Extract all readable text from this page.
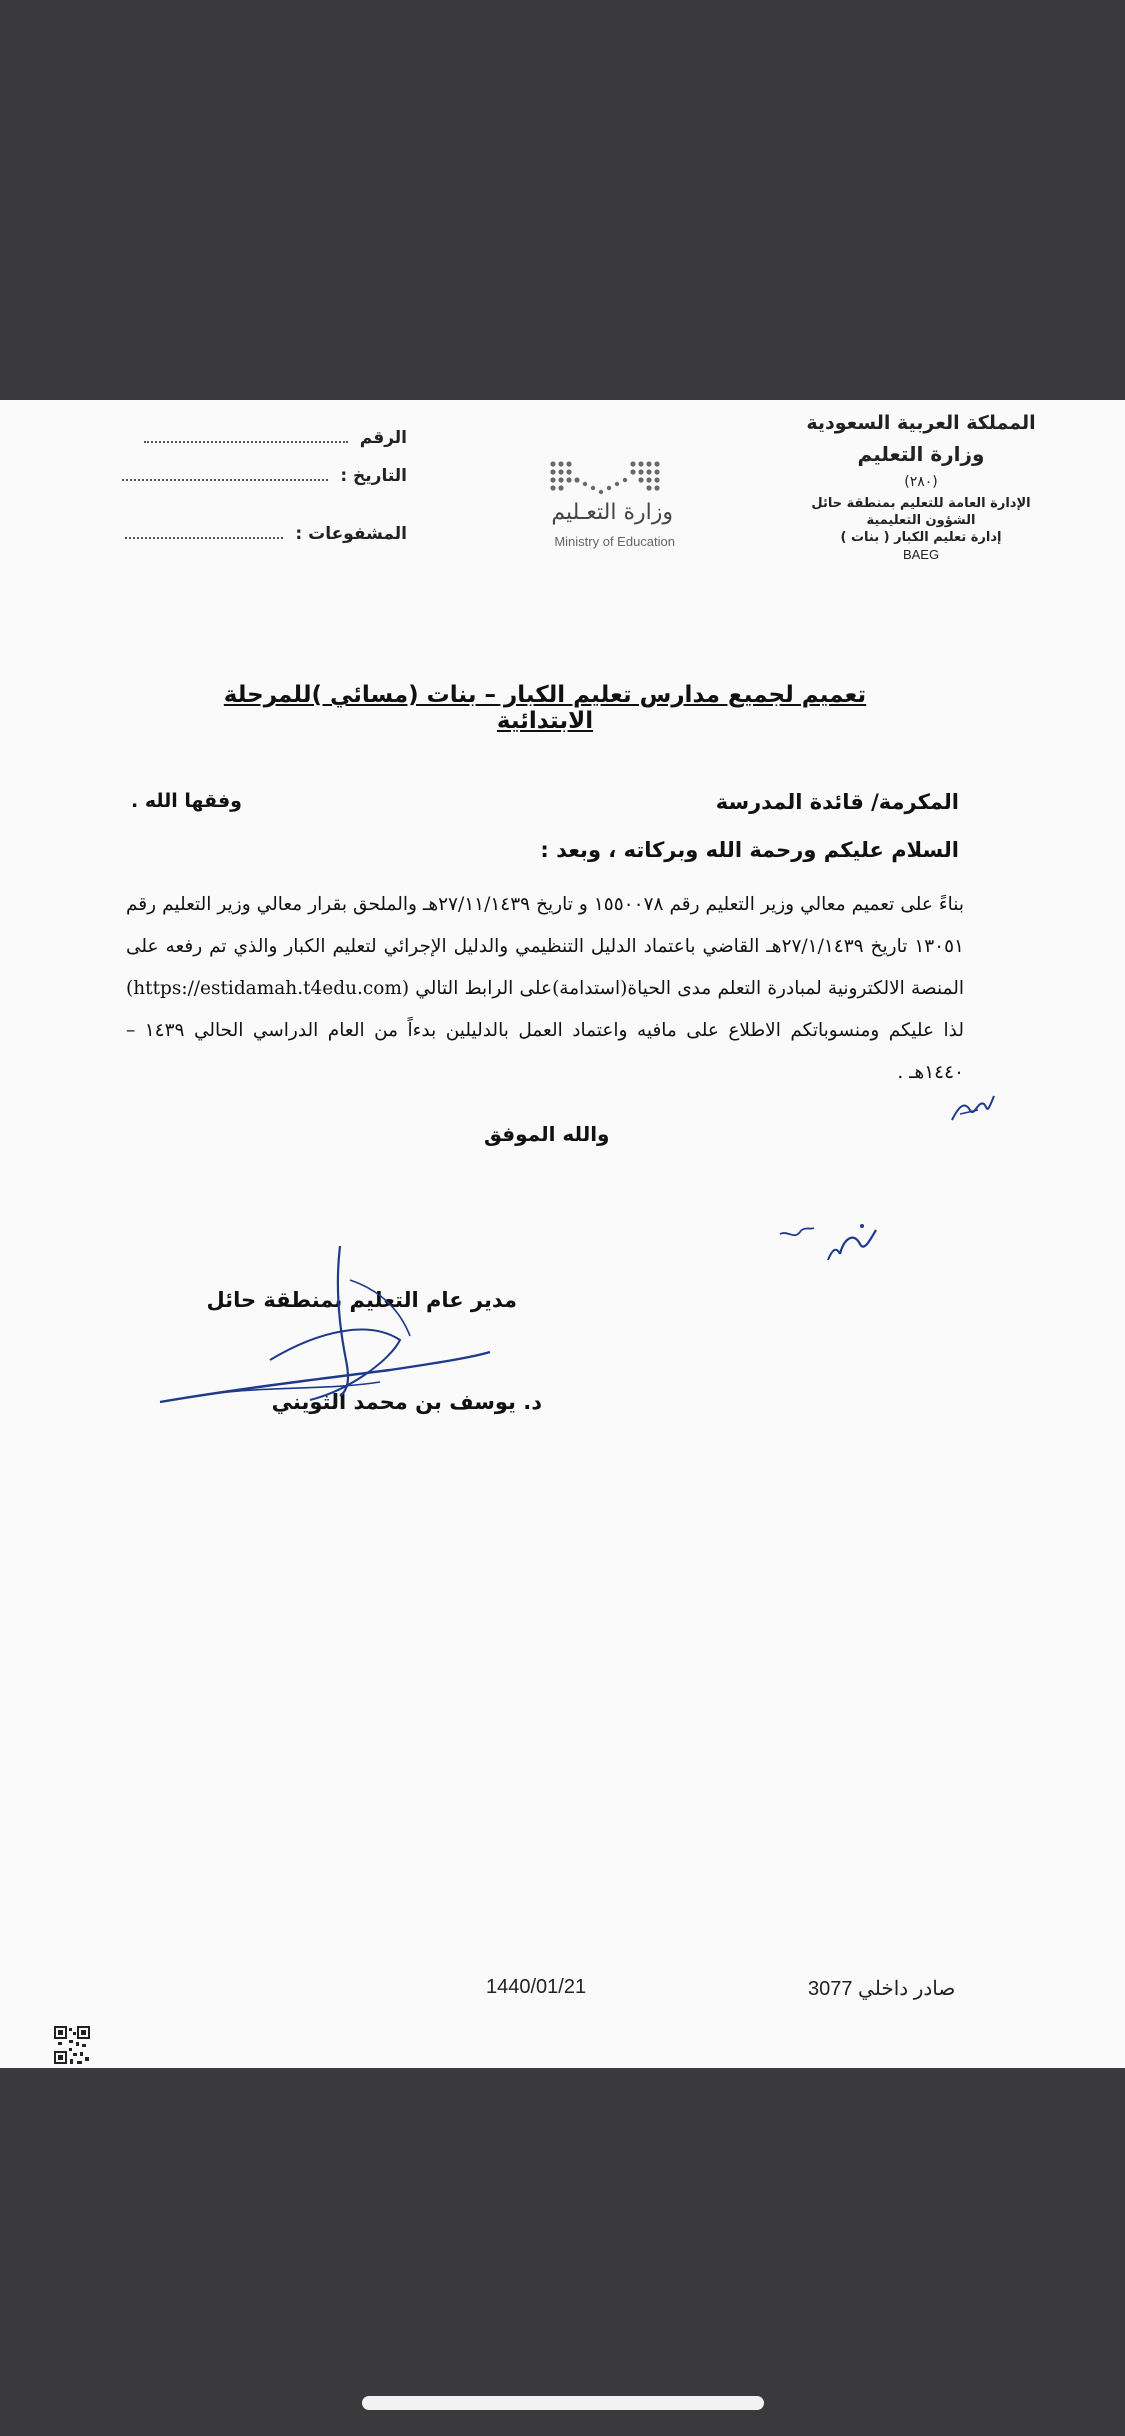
المملكة العربية السعودية
وزارة التعليم
(٢٨٠)
الإدارة العامة للتعليم بمنطقة حائل
الشؤون التعليمية
إدارة تعليم الكبار ( بنات )
BAEG
وزارة التعـليم
Ministry of Education
الرقم
التاريخ :
المشفوعات :
تعميم لجميع مدارس تعليم الكبار – بنات (مسائي )للمرحلة الابتدائية
المكرمة/ قائدة المدرسة
وفقها الله .
السلام عليكم ورحمة الله وبركاته ، وبعد :
بناءً على تعميم معالي وزير التعليم رقم ٧٨‏١٥٥٠٠ و تاريخ ٢٧/١١/١٤٣٩هـ والملحق بقرار معالي وزير التعليم رقم ١٣٠٥١ تاريخ ٢٧/١/١٤٣٩هـ القاضي باعتماد الدليل التنظيمي والدليل الإجرائي لتعليم الكبار والذي تم رفعه على المنصة الالكترونية لمبادرة التعلم مدى الحياة(استدامة)على الرابط التالي (https://estidamah.t4edu.com) لذا عليكم ومنسوباتكم الاطلاع على مافيه واعتماد العمل بالدليلين بدءاً من العام الدراسي الحالي ١٤٣٩ – ١٤٤٠هـ .
والله الموفق
مدير عام التعليم بمنطقة حائل
د. يوسف بن محمد الثويني
1440/01/21	صادر داخلي 3077
